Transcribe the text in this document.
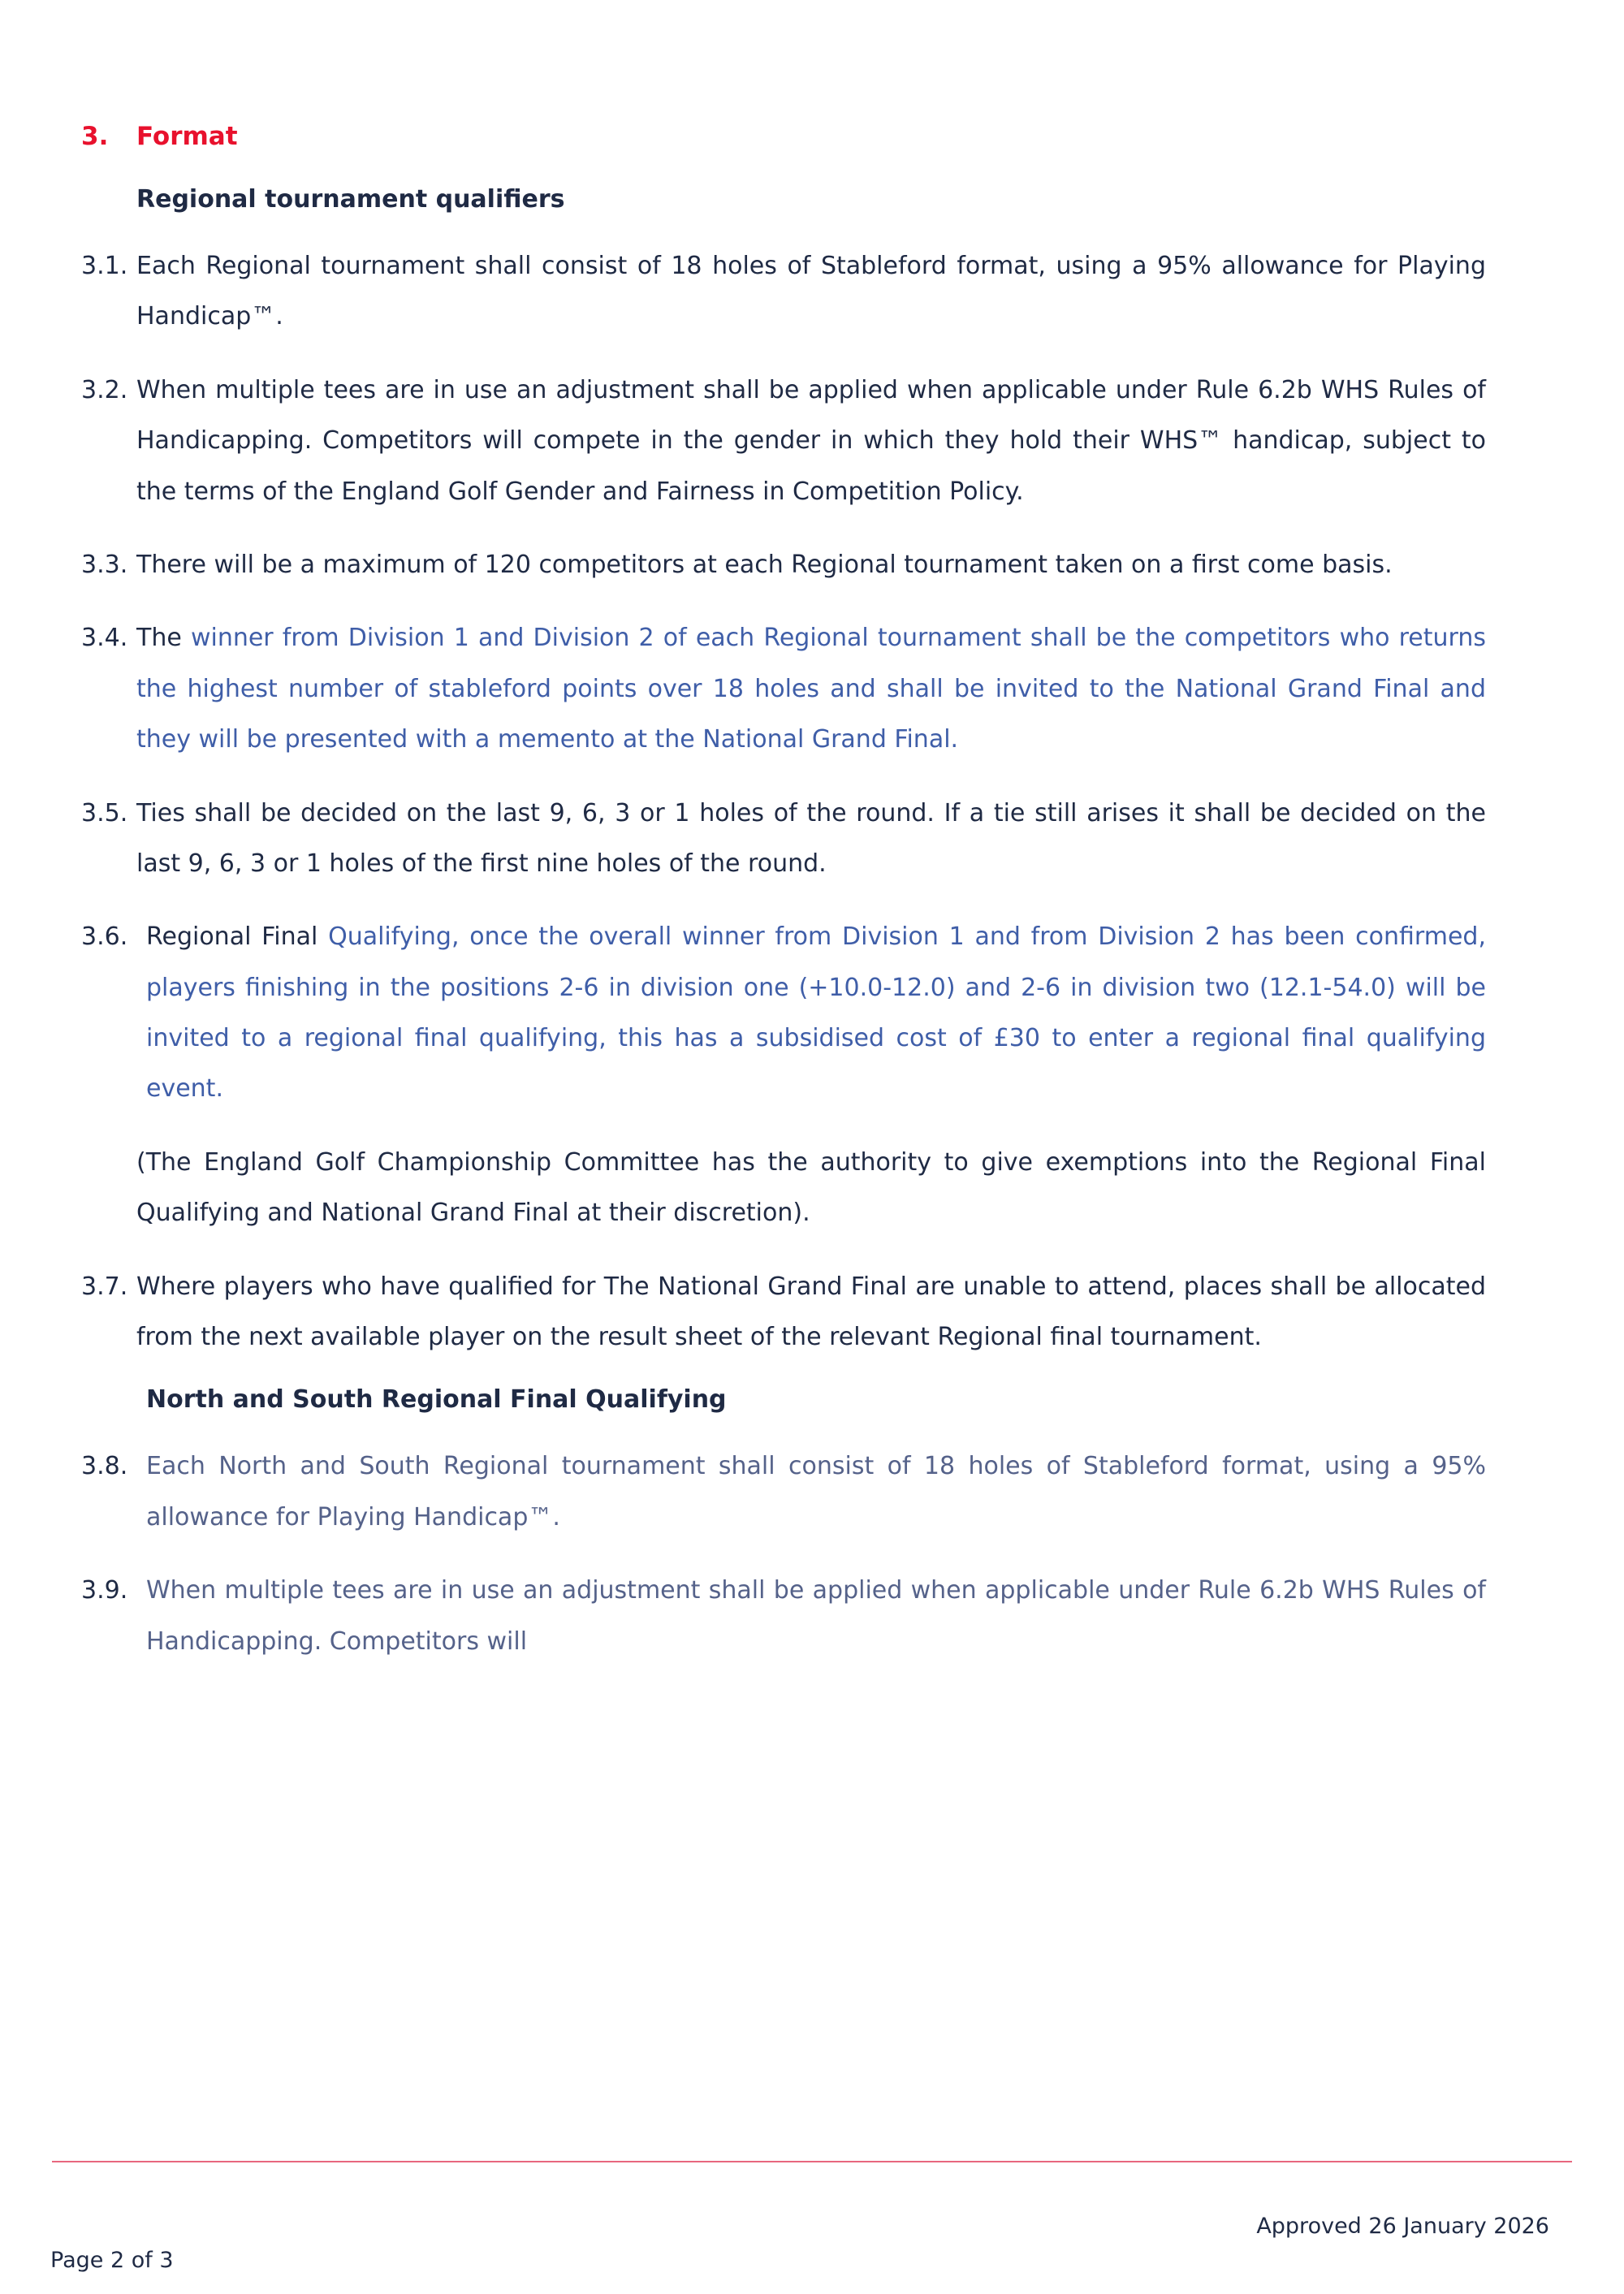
3.	Format
Regional tournament qualifiers
3.1. Each Regional tournament shall consist of 18 holes of Stableford format, using a 95% allowance for Playing Handicap™.

3.2. When multiple tees are in use an adjustment shall be applied when applicable under Rule 6.2b WHS Rules of Handicapping. Competitors will compete in the gender in which they hold their WHS™ handicap, subject to the terms of the England Golf Gender and Fairness in Competition Policy.

3.3. There will be a maximum of 120 competitors at each Regional tournament taken on a first come basis.

3.4. The winner from Division 1 and Division 2 of each Regional tournament shall be the competitors who returns the highest number of stableford points over 18 holes and shall be invited to the National Grand Final and they will be presented with a memento at the National Grand Final.

3.5. Ties shall be decided on the last 9, 6, 3 or 1 holes of the round. If a tie still arises it shall be decided on the last 9, 6, 3 or 1 holes of the first nine holes of the round.

3.6. Regional Final Qualifying, once the overall winner from Division 1 and from Division 2 has been confirmed, players finishing in the positions 2-6 in division one (+10.0-12.0) and 2-6 in division two (12.1-54.0) will be invited to a regional final qualifying, this has a subsidised cost of £30 to enter a regional final qualifying event.

(The England Golf Championship Committee has the authority to give exemptions into the Regional Final Qualifying and National Grand Final at their discretion).

3.7. Where players who have qualified for The National Grand Final are unable to attend, places shall be allocated from the next available player on the result sheet of the relevant Regional final tournament.

North and South Regional Final Qualifying
3.8. Each North and South Regional tournament shall consist of 18 holes of Stableford format, using a 95% allowance for Playing Handicap™.

3.9. When multiple tees are in use an adjustment shall be applied when applicable under Rule 6.2b WHS Rules of Handicapping. Competitors will

Approved 26 January 2026
Page 2 of 3
